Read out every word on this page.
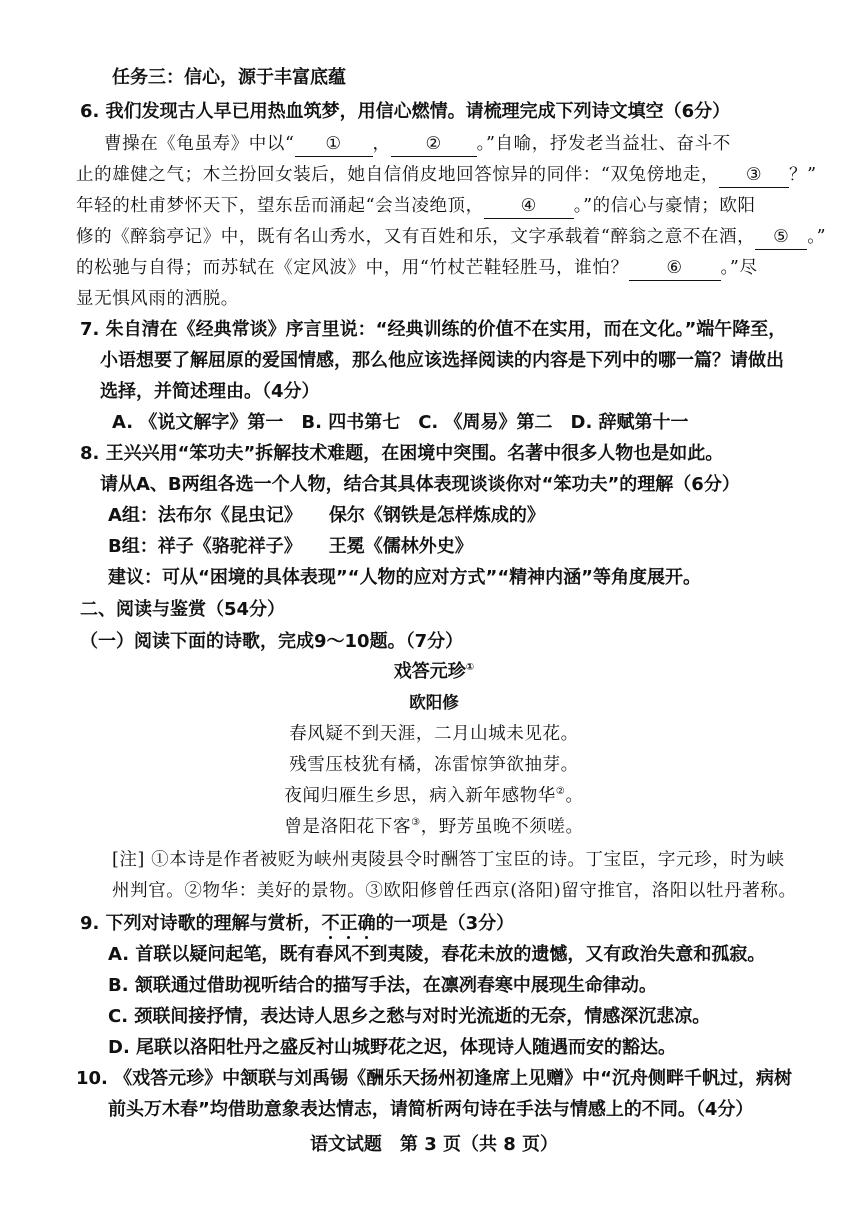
任务三：信心，源于丰富底蕴
6. 我们发现古人早已用热血筑梦，用信心燃情。请梳理完成下列诗文填空（6分）
曹操在《龟虽寿》中以“ ① ， ② 。”自喻，抒发老当益壮、奋斗不
止的雄健之气；木兰扮回女装后，她自信俏皮地回答惊异的同伴：“双兔傍地走， ③ ？”
年轻的杜甫梦怀天下，望东岳而涌起“会当凌绝顶， ④ 。”的信心与豪情；欧阳
修的《醉翁亭记》中，既有名山秀水，又有百姓和乐，文字承载着“醉翁之意不在酒， ⑤ 。”
的松驰与自得；而苏轼在《定风波》中，用“竹杖芒鞋轻胜马，谁怕？ ⑥ 。”尽
显无惧风雨的洒脱。
7. 朱自清在《经典常谈》序言里说：“经典训练的价值不在实用，而在文化。”端午降至，
小语想要了解屈原的爱国情感，那么他应该选择阅读的内容是下列中的哪一篇？请做出
选择，并简述理由。（4分）
A. 《说文解字》第一　B. 四书第七　C. 《周易》第二　D. 辞赋第十一
8. 王兴兴用“笨功夫”拆解技术难题，在困境中突围。名著中很多人物也是如此。
请从A、B两组各选一个人物，结合其具体表现谈谈你对“笨功夫”的理解（6分）
A组：法布尔《昆虫记》　　保尔《钢铁是怎样炼成的》
B组：祥子《骆驼祥子》　　王冕《儒林外史》
建议：可从“困境的具体表现”“人物的应对方式”“精神内涵”等角度展开。
二、阅读与鉴赏（54分）
（一）阅读下面的诗歌，完成9～10题。（7分）
戏答元珍①
欧阳修
春风疑不到天涯，二月山城未见花。
残雪压枝犹有橘，冻雷惊笋欲抽芽。
夜闻归雁生乡思，病入新年感物华②。
曾是洛阳花下客③，野芳虽晚不须嗟。
[注] ①本诗是作者被贬为峡州夷陵县令时酬答丁宝臣的诗。丁宝臣，字元珍，时为峡
州判官。②物华：美好的景物。③欧阳修曾任西京(洛阳)留守推官，洛阳以牡丹著称。
9. 下列对诗歌的理解与赏析，不正确的一项是（3分）
A. 首联以疑问起笔，既有春风不到夷陵，春花未放的遗憾，又有政治失意和孤寂。
B. 颔联通过借助视听结合的描写手法，在凛冽春寒中展现生命律动。
C. 颈联间接抒情，表达诗人思乡之愁与对时光流逝的无奈，情感深沉悲凉。
D. 尾联以洛阳牡丹之盛反衬山城野花之迟，体现诗人随遇而安的豁达。
10. 《戏答元珍》中颔联与刘禹锡《酬乐天扬州初逢席上见赠》中“沉舟侧畔千帆过，病树
前头万木春”均借助意象表达情志，请简析两句诗在手法与情感上的不同。（4分）
语文试题　第 3 页（共 8 页）
